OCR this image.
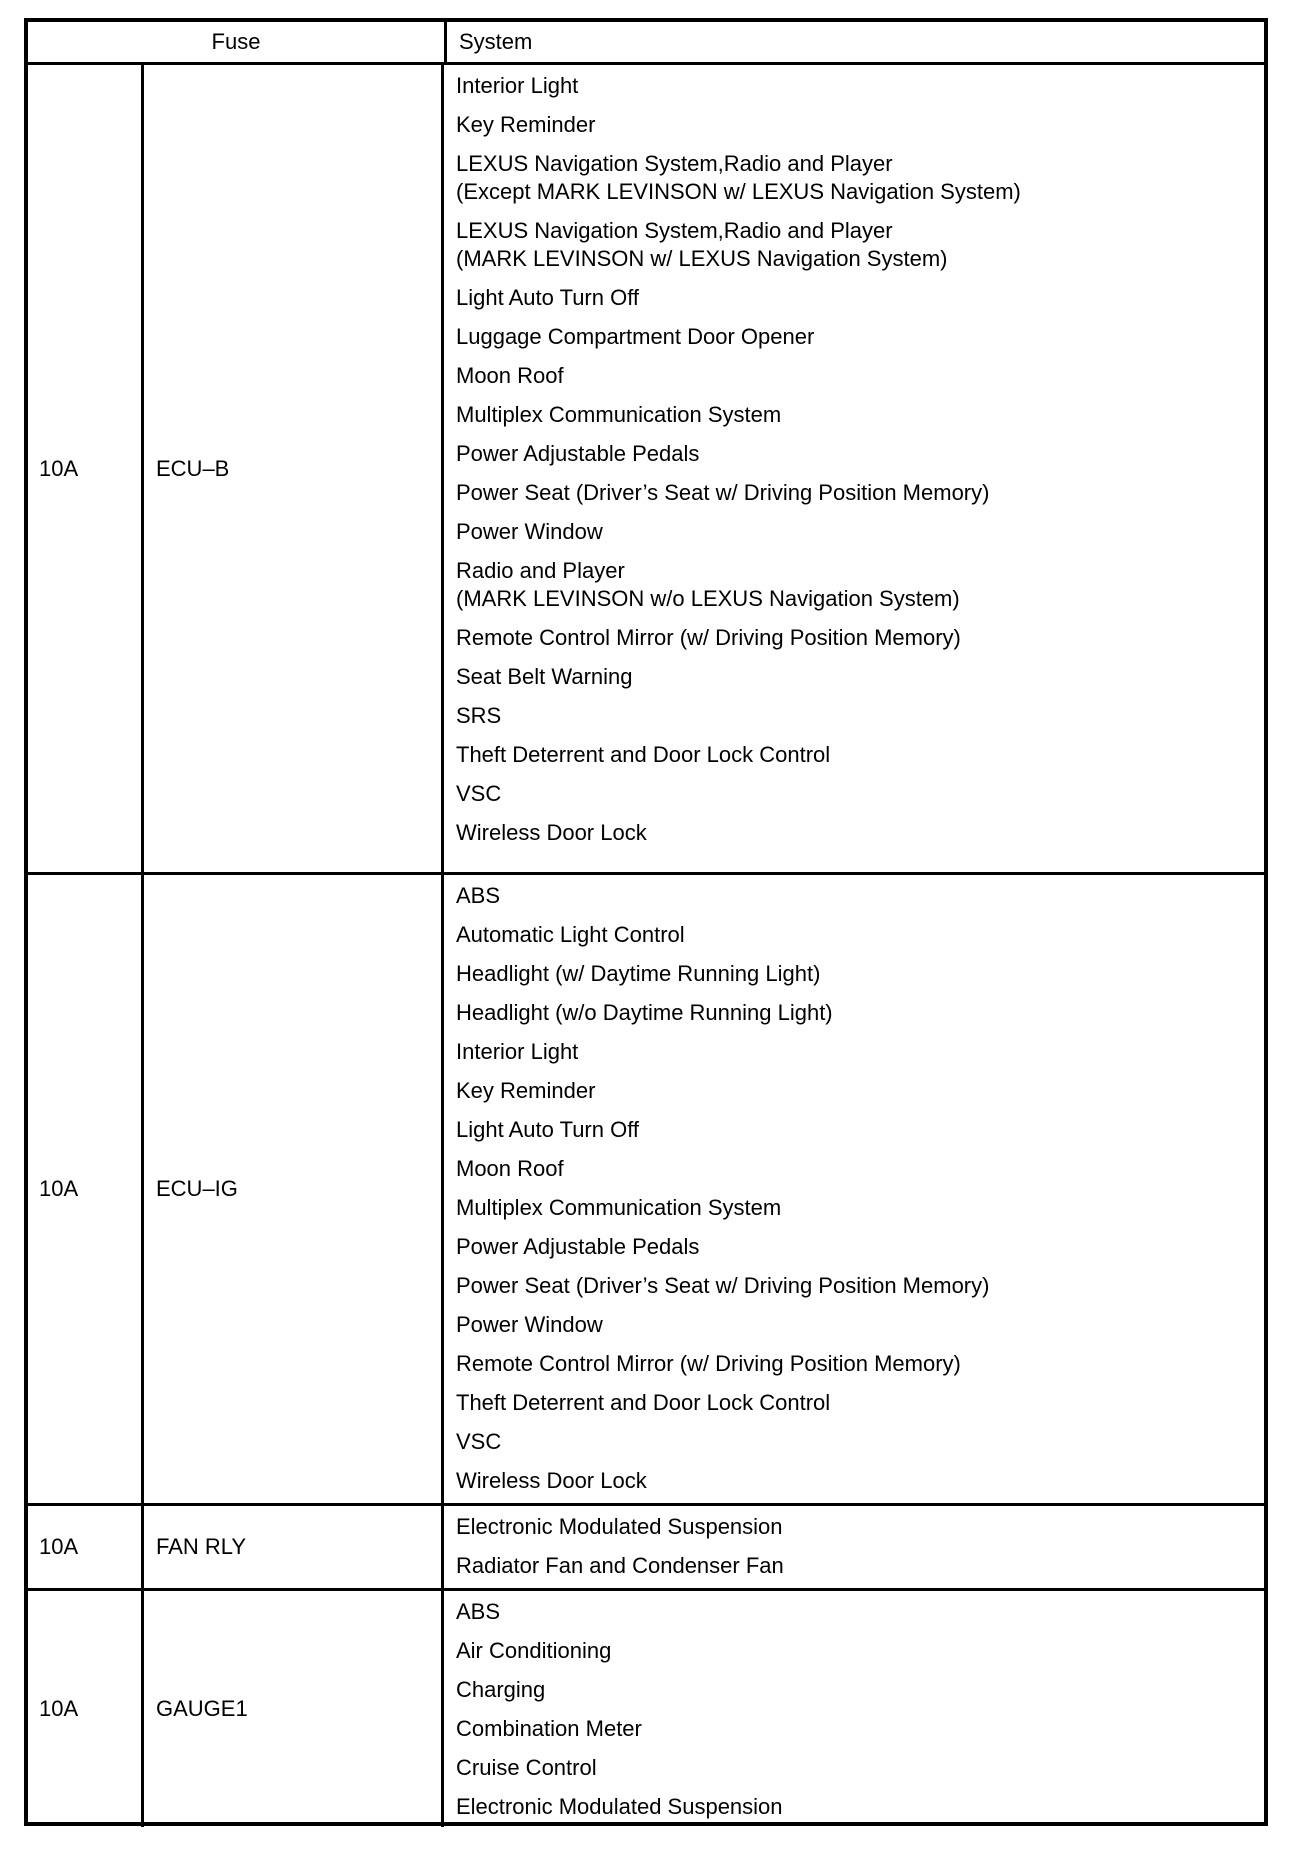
Fuse	System
10A	ECU–B
Interior Light
Key Reminder
LEXUS Navigation System,Radio and Player
(Except MARK LEVINSON w/ LEXUS Navigation System)
LEXUS Navigation System,Radio and Player
(MARK LEVINSON w/ LEXUS Navigation System)
Light Auto Turn Off
Luggage Compartment Door Opener
Moon Roof
Multiplex Communication System
Power Adjustable Pedals
Power Seat (Driver’s Seat w/ Driving Position Memory)
Power Window
Radio and Player
(MARK LEVINSON w/o LEXUS Navigation System)
Remote Control Mirror (w/ Driving Position Memory)
Seat Belt Warning
SRS
Theft Deterrent and Door Lock Control
VSC
Wireless Door Lock
10A	ECU–IG
ABS
Automatic Light Control
Headlight (w/ Daytime Running Light)
Headlight (w/o Daytime Running Light)
Interior Light
Key Reminder
Light Auto Turn Off
Moon Roof
Multiplex Communication System
Power Adjustable Pedals
Power Seat (Driver’s Seat w/ Driving Position Memory)
Power Window
Remote Control Mirror (w/ Driving Position Memory)
Theft Deterrent and Door Lock Control
VSC
Wireless Door Lock
10A	FAN RLY
Electronic Modulated Suspension
Radiator Fan and Condenser Fan
10A	GAUGE1
ABS
Air Conditioning
Charging
Combination Meter
Cruise Control
Electronic Modulated Suspension
